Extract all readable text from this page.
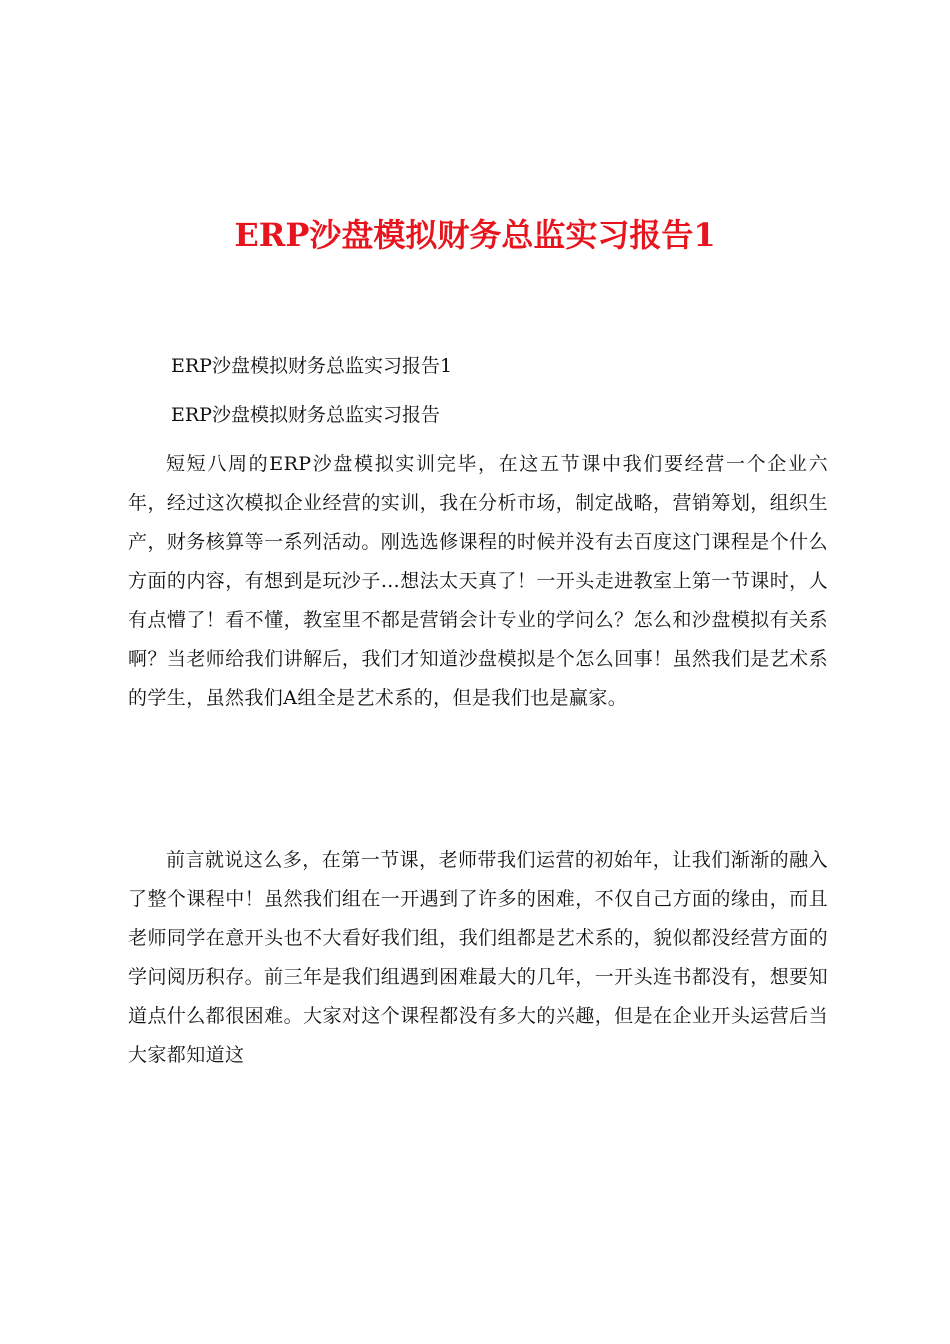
ERP沙盘模拟财务总监实习报告1
ERP沙盘模拟财务总监实习报告1
ERP沙盘模拟财务总监实习报告

短短八周的ERP沙盘模拟实训完毕，在这五节课中我们要经营一个企业六年，经过这次模拟企业经营的实训，我在分析市场，制定战略，营销筹划，组织生产，财务核算等一系列活动。刚选选修课程的时候并没有去百度这门课程是个什么方面的内容，有想到是玩沙子…想法太天真了！一开头走进教室上第一节课时，人有点懵了！看不懂，教室里不都是营销会计专业的学问么？怎么和沙盘模拟有关系啊？当老师给我们讲解后，我们才知道沙盘模拟是个怎么回事！虽然我们是艺术系的学生，虽然我们A组全是艺术系的，但是我们也是赢家。

前言就说这么多，在第一节课，老师带我们运营的初始年，让我们渐渐的融入了整个课程中！虽然我们组在一开遇到了许多的困难，不仅自己方面的缘由，而且老师同学在意开头也不大看好我们组，我们组都是艺术系的，貌似都没经营方面的学问阅历积存。前三年是我们组遇到困难最大的几年，一开头连书都没有，想要知道点什么都很困难。大家对这个课程都没有多大的兴趣，但是在企业开头运营后当大家都知道这
